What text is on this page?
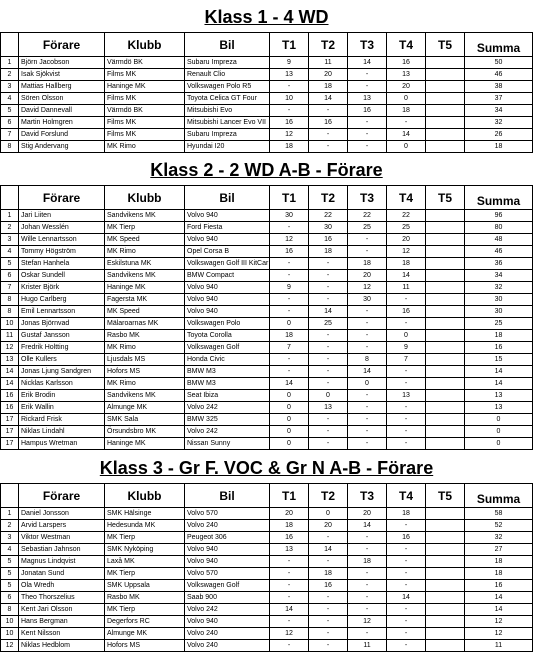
Klass 1 - 4 WD
	Förare	Klubb	Bil	T1	T2	T3	T4	T5	Summa
1	Björn Jacobson	Värmdö BK	Subaru Impreza	9	11	14	16		50
2	Isak Sjökvist	Films MK	Renault Clio	13	20	-	13		46
3	Mattias Hallberg	Haninge MK	Volkswagen Polo R5	-	18	-	20		38
4	Sören Olsson	Films MK	Toyota Celica GT Four	10	14	13	0		37
5	David Dannevall	Värmdö BK	Mitsubishi Evo	-	-	16	18		34
6	Martin Holmgren	Films MK	Mitsubishi Lancer Evo VII	16	16	-	-		32
7	David Forslund	Films MK	Subaru Impreza	12	-	-	14		26
8	Stig Andervang	MK Rimo	Hyundai I20	18	-	-	0		18
Klass 2 - 2 WD A-B - Förare
	Förare	Klubb	Bil	T1	T2	T3	T4	T5	Summa
1	Jari Liiten	Sandvikens MK	Volvo 940	30	22	22	22		96
2	Johan Wesslén	MK Tierp	Ford Fiesta	-	30	25	25		80
3	Wille Lennartsson	MK Speed	Volvo 940	12	16	-	20		48
4	Tommy Högström	MK Rimo	Opel Corsa B	16	18	-	12		46
5	Stefan Hanhela	Eskilstuna MK	Volkswagen Golf III KitCar	-	-	18	18		36
6	Oskar Sundell	Sandvikens MK	BMW Compact	-	-	20	14		34
7	Krister Björk	Haninge MK	Volvo 940	9	-	12	11		32
8	Hugo Carlberg	Fagersta MK	Volvo 940	-	-	30	-		30
8	Emil Lennartsson	MK Speed	Volvo 940	-	14	-	16		30
10	Jonas Björnvad	Mälaroarnas MK	Volkswagen Polo	0	25	-	-		25
11	Gustaf Jansson	Rasbo MK	Toyota Corolla	18	-	-	0		18
12	Fredrik Holtting	MK Rimo	Volkswagen Golf	7	-	-	9		16
13	Olle Kullers	Ljusdals MS	Honda Civic	-	-	8	7		15
14	Jonas Ljung Sandgren	Hofors MS	BMW M3	-	-	14	-		14
14	Nicklas Karlsson	MK Rimo	BMW M3	14	-	0	-		14
16	Erik Brodin	Sandvikens MK	Seat Ibiza	0	0	-	13		13
16	Erik Wallin	Almunge MK	Volvo 242	0	13	-	-		13
17	Rickard Frisk	SMK Sala	BMW 325	0	-	-	-		0
17	Niklas Lindahl	Örsundsbro MK	Volvo 242	0	-	-	-		0
17	Hampus Wretman	Haninge MK	Nissan Sunny	0	-	-	-		0
Klass 3 - Gr F. VOC & Gr N A-B - Förare
	Förare	Klubb	Bil	T1	T2	T3	T4	T5	Summa
1	Daniel Jonsson	SMK Hälsinge	Volvo 570	20	0	20	18		58
2	Arvid Larspers	Hedesunda MK	Volvo 240	18	20	14	-		52
3	Viktor Westman	MK Tierp	Peugeot 306	16	-	-	16		32
4	Sebastian Jahnson	SMK Nyköping	Volvo 940	13	14	-	-		27
5	Magnus Lindqvist	Laxå MK	Volvo 940	-	-	18	-		18
5	Jonatan Sund	MK Tierp	Volvo 570	-	18	-	-		18
5	Ola Wredh	SMK Uppsala	Volkswagen Golf	-	16	-	-		16
6	Theo Thorszelius	Rasbo MK	Saab 900	-	-	-	14		14
8	Kent Jari Olsson	MK Tierp	Volvo 242	14	-	-	-		14
10	Hans Bergman	Degerfors RC	Volvo 940	-	-	12	-		12
10	Kent Nilsson	Almunge MK	Volvo 240	12	-	-	-		12
12	Niklas Hedblom	Hofors MS	Volvo 240	-	-	11	-		11
